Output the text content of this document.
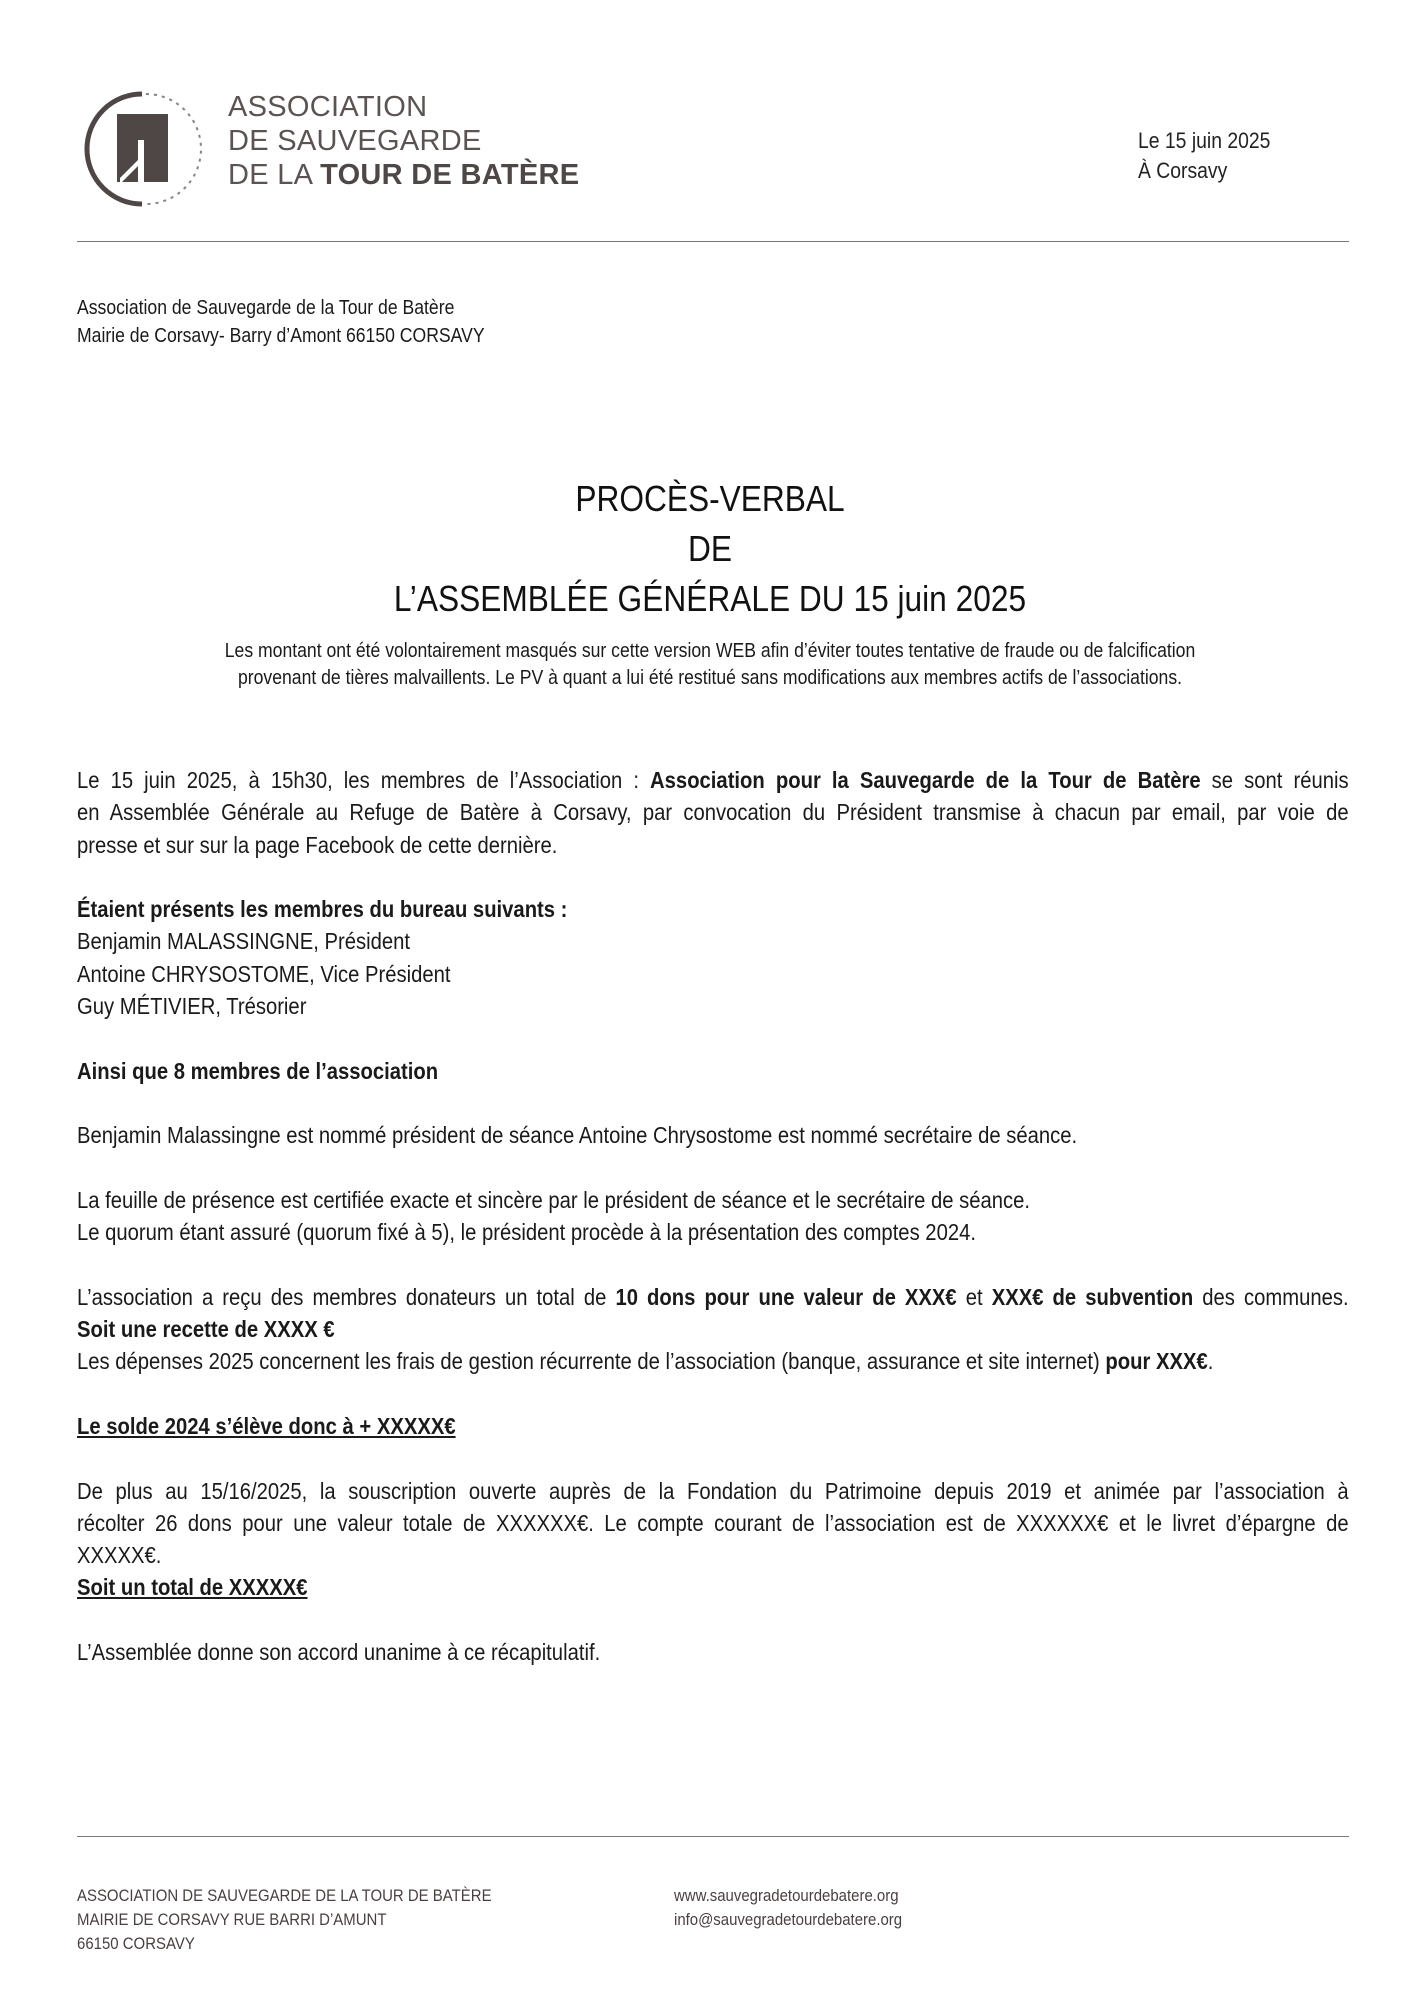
ASSOCIATION
DE SAUVEGARDE
DE LA TOUR DE BATÈRE
Le 15 juin 2025
À Corsavy
Association de Sauvegarde de la Tour de Batère
Mairie de Corsavy- Barry d’Amont 66150 CORSAVY
PROCÈS-VERBAL
DE
L’ASSEMBLÉE GÉNÉRALE DU 15 juin 2025
Les montant ont été volontairement masqués sur cette version WEB afin d’éviter toutes tentative de fraude ou de falcification
provenant de tières malvaillents. Le PV à quant a lui été restitué sans modifications aux membres actifs de l’associations.
Le 15 juin 2025, à 15h30, les membres de l’Association : Association pour la Sauvegarde de la Tour de Batère se sont réunis
en Assemblée Générale au Refuge de Batère à Corsavy, par convocation du Président transmise à chacun par email, par voie de
presse et sur sur la page Facebook de cette dernière.
Étaient présents les membres du bureau suivants :
Benjamin MALASSINGNE, Président
Antoine CHRYSOSTOME, Vice Président
Guy MÉTIVIER, Trésorier
Ainsi que 8 membres de l’association
Benjamin Malassingne est nommé président de séance Antoine Chrysostome est nommé secrétaire de séance.
La feuille de présence est certifiée exacte et sincère par le président de séance et le secrétaire de séance.
Le quorum étant assuré (quorum fixé à 5), le président procède à la présentation des comptes 2024.
L’association a reçu des membres donateurs un total de 10 dons pour une valeur de XXX€ et XXX€ de subvention des communes.
Soit une recette de XXXX €
Les dépenses 2025 concernent les frais de gestion récurrente de l’association (banque, assurance et site internet) pour XXX€.
Le solde 2024 s’élève donc à + XXXXX€
De plus au 15/16/2025, la souscription ouverte auprès de la Fondation du Patrimoine depuis 2019 et animée par l’association à
récolter 26 dons pour une valeur totale de XXXXXX€. Le compte courant de l’association est de XXXXXX€ et le livret d’épargne de
XXXXX€.
Soit un total de XXXXX€
L’Assemblée donne son accord unanime à ce récapitulatif.
ASSOCIATION DE SAUVEGARDE DE LA TOUR DE BATÈRE
MAIRIE DE CORSAVY RUE BARRI D’AMUNT
66150 CORSAVY
www.sauvegradetourdebatere.org
info@sauvegradetourdebatere.org
